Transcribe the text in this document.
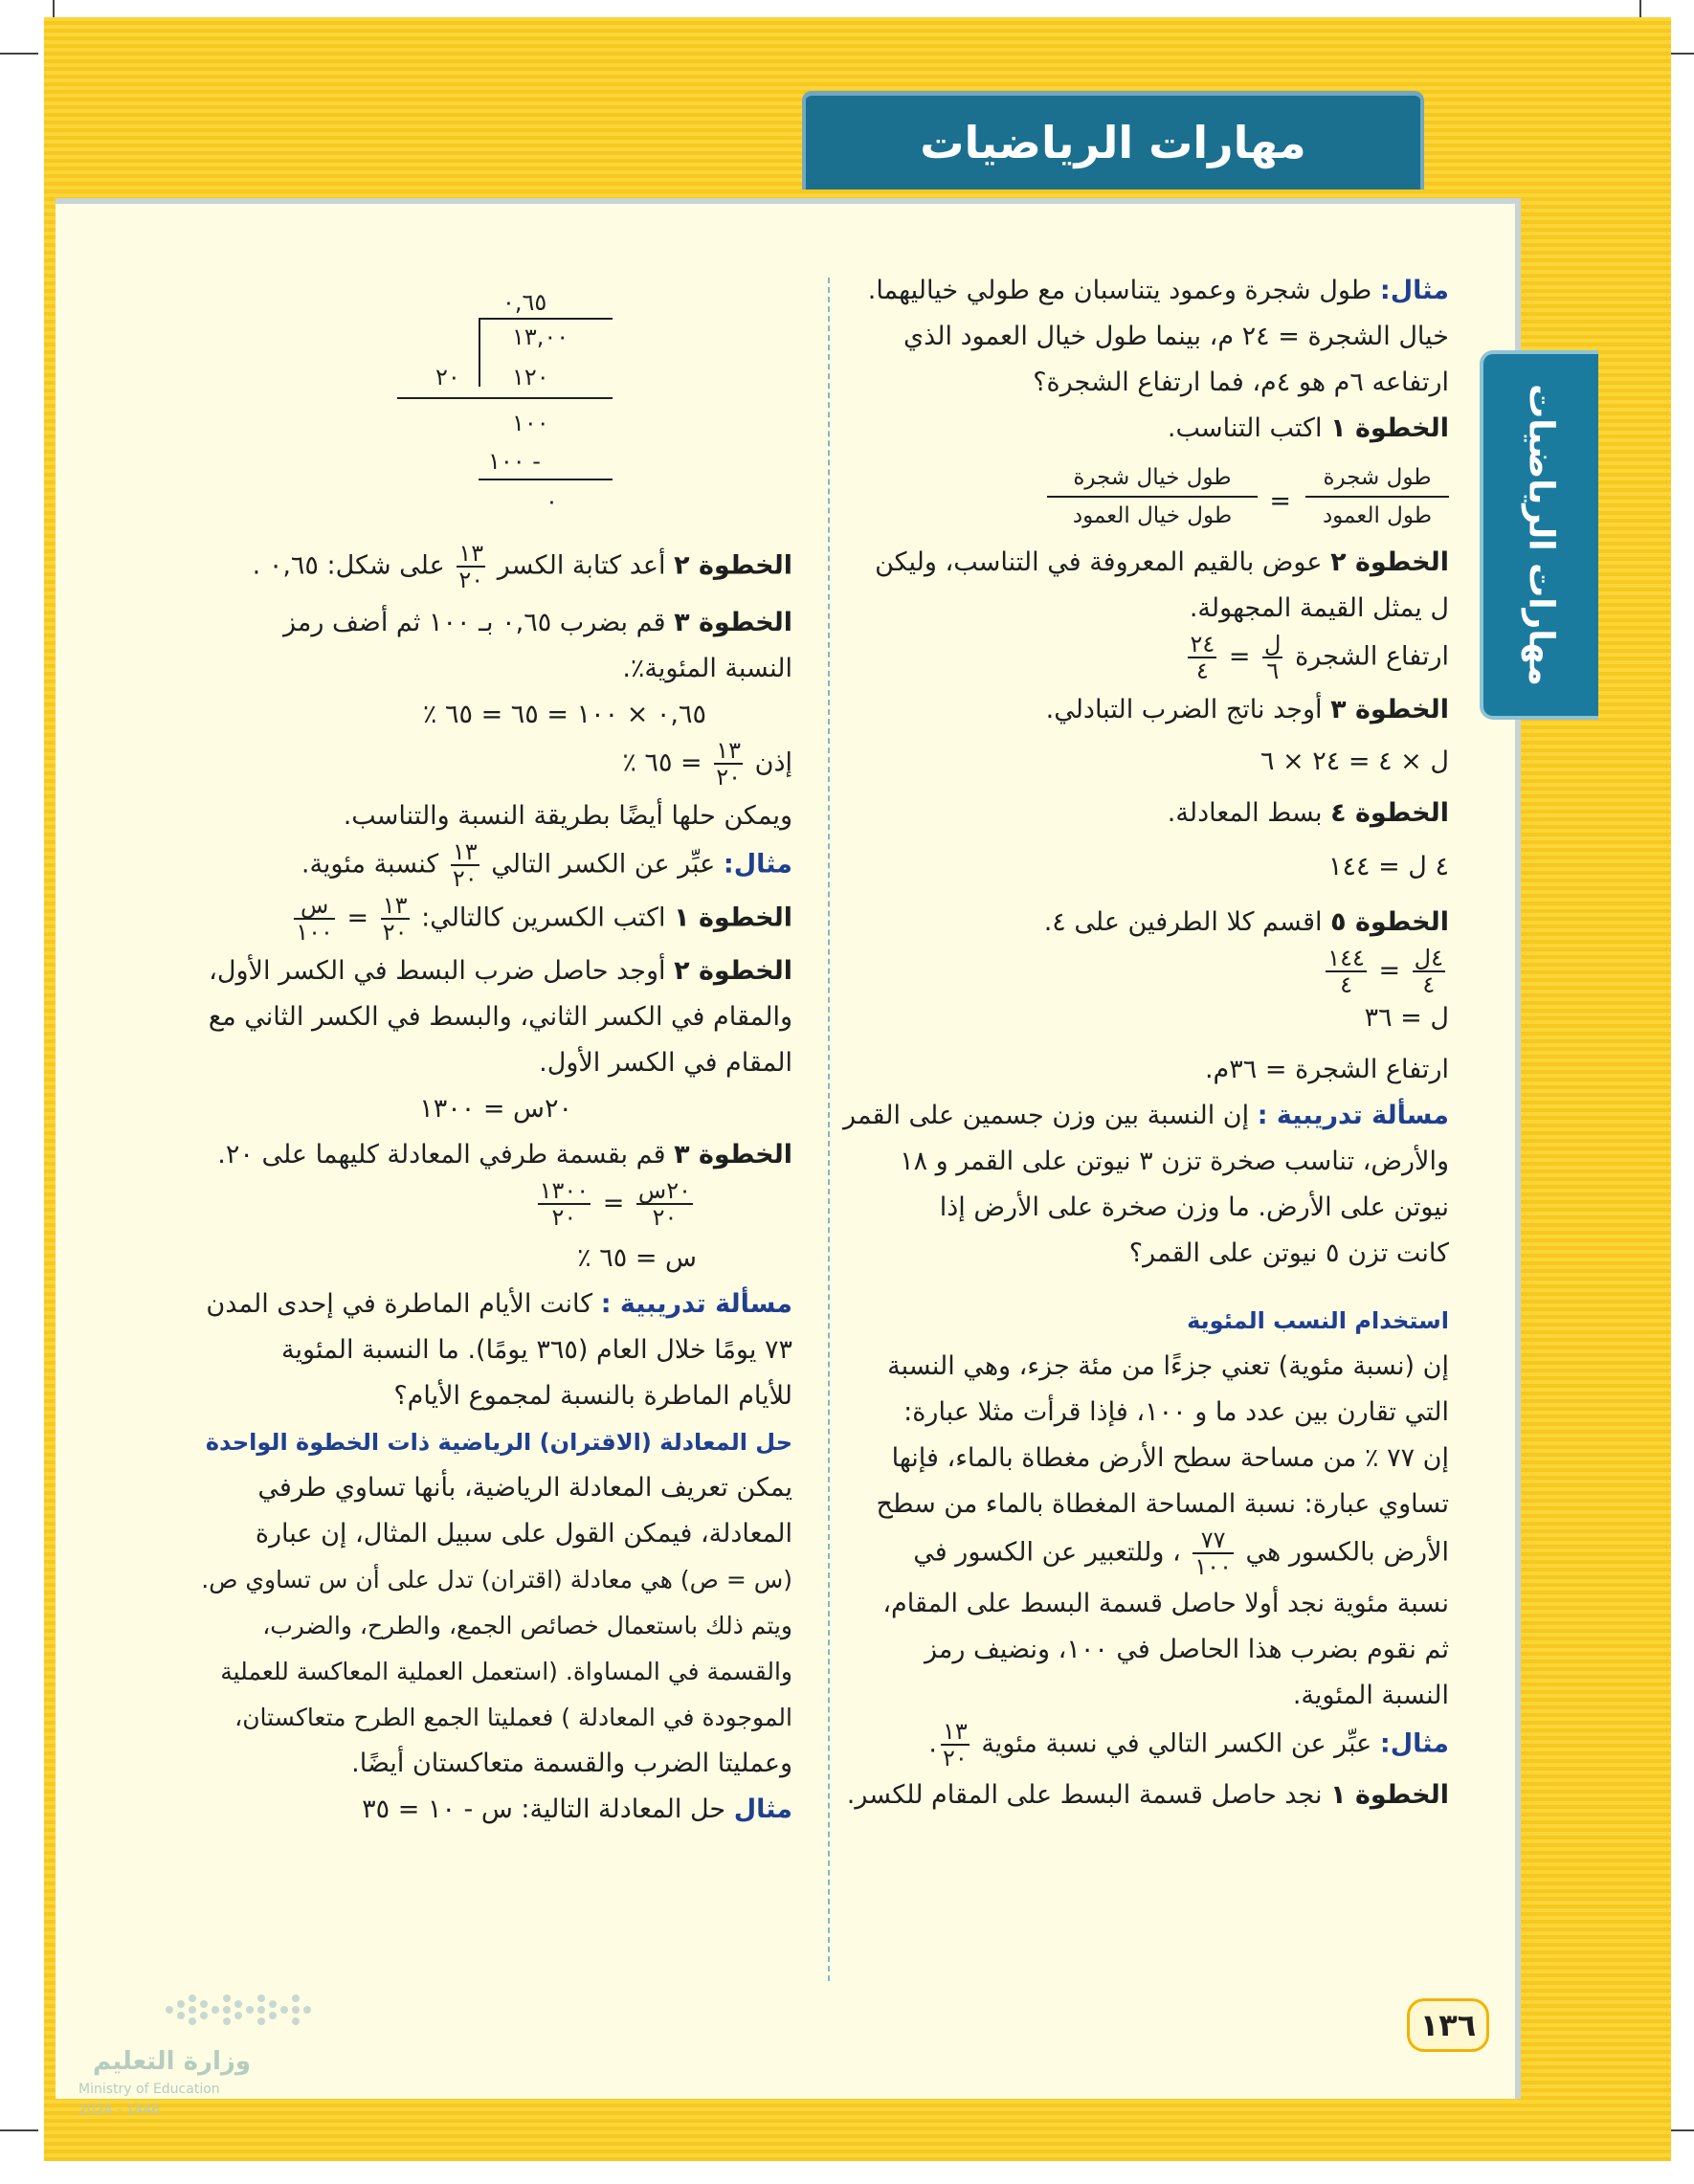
مهارات الرياضيات
مهارات الرياضيات
مثال: طول شجرة وعمود يتناسبان مع طولي خياليهما.
خيال الشجرة = ٢٤ م، بينما طول خيال العمود الذي
ارتفاعه ٦م هو ٤م، فما ارتفاع الشجرة؟
الخطوة ١ اكتب التناسب.
طول شجرة
طول العمود
=
طول خيال شجرة
طول خيال العمود
الخطوة ٢ عوض بالقيم المعروفة في التناسب، وليكن
ل يمثل القيمة المجهولة.
ارتفاع الشجرة
$\frac{\text{ل}}{٦}$
=
$\frac{٢٤}{٤}$
الخطوة ٣ أوجد ناتج الضرب التبادلي.
ل × ٤ = ٢٤ × ٦
الخطوة ٤ بسط المعادلة.
٤ ل = ١٤٤
الخطوة ٥ اقسم كلا الطرفين على ٤.
$\frac{\text{٤ل}}{٤}$
=
$\frac{١٤٤}{٤}$
ل = ٣٦
ارتفاع الشجرة = ٣٦م.
مسألة تدريبية : إن النسبة بين وزن جسمين على القمر
والأرض، تناسب صخرة تزن ٣ نيوتن على القمر و ١٨
نيوتن على الأرض. ما وزن صخرة على الأرض إذا
كانت تزن ٥ نيوتن على القمر؟
استخدام النسب المئوية
إن (نسبة مئوية) تعني جزءًا من مئة جزء، وهي النسبة
التي تقارن بين عدد ما و ١٠٠، فإذا قرأت مثلا عبارة:
إن ٧٧ ٪ من مساحة سطح الأرض مغطاة بالماء، فإنها
تساوي عبارة: نسبة المساحة المغطاة بالماء من سطح
الأرض بالكسور هي
$\frac{٧٧}{١٠٠}$
، وللتعبير عن الكسور في
نسبة مئوية نجد أولا حاصل قسمة البسط على المقام،
ثم نقوم بضرب هذا الحاصل في ١٠٠، ونضيف رمز
النسبة المئوية.
مثال: عبِّر عن الكسر التالي في نسبة مئوية
$\frac{١٣}{٢٠}$
.
الخطوة ١ نجد حاصل قسمة البسط على المقام للكسر.
٠,٦٥
١٣,٠٠
٢٠ ١٢٠
١٠٠
- ١٠٠
٠
الخطوة ٢ أعد كتابة الكسر
$\frac{١٣}{٢٠}$
على شكل: ٠,٦٥ .
الخطوة ٣ قم بضرب ٠,٦٥ بـ ١٠٠ ثم أضف رمز
النسبة المئوية٪.
٠,٦٥ × ١٠٠ = ٦٥ = ٦٥ ٪
إذن
$\frac{١٣}{٢٠}$
= ٦٥ ٪
ويمكن حلها أيضًا بطريقة النسبة والتناسب.
مثال: عبِّر عن الكسر التالي
$\frac{١٣}{٢٠}$
كنسبة مئوية.
الخطوة ١ اكتب الكسرين كالتالي:
$\frac{١٣}{٢٠}$
=
$\frac{\text{س}}{١٠٠}$
الخطوة ٢ أوجد حاصل ضرب البسط في الكسر الأول،
والمقام في الكسر الثاني، والبسط في الكسر الثاني مع
المقام في الكسر الأول.
٢٠س = ١٣٠٠
الخطوة ٣ قم بقسمة طرفي المعادلة كليهما على ٢٠.
$\frac{\text{٢٠س}}{٢٠}$
=
$\frac{١٣٠٠}{٢٠}$
س = ٦٥ ٪
مسألة تدريبية : كانت الأيام الماطرة في إحدى المدن
٧٣ يومًا خلال العام (٣٦٥ يومًا). ما النسبة المئوية
للأيام الماطرة بالنسبة لمجموع الأيام؟
حل المعادلة (الاقتران) الرياضية ذات الخطوة الواحدة
يمكن تعريف المعادلة الرياضية، بأنها تساوي طرفي
المعادلة، فيمكن القول على سبيل المثال، إن عبارة
(س = ص) هي معادلة (اقتران) تدل على أن س تساوي ص.
ويتم ذلك باستعمال خصائص الجمع، والطرح، والضرب،
والقسمة في المساواة. (استعمل العملية المعاكسة للعملية
الموجودة في المعادلة ) فعمليتا الجمع الطرح متعاكستان،
وعمليتا الضرب والقسمة متعاكستان أيضًا.
مثال حل المعادلة التالية: س - ١٠ = ٣٥
١٣٦
وزارة التعليم
Ministry of Education
2024 - 1446
